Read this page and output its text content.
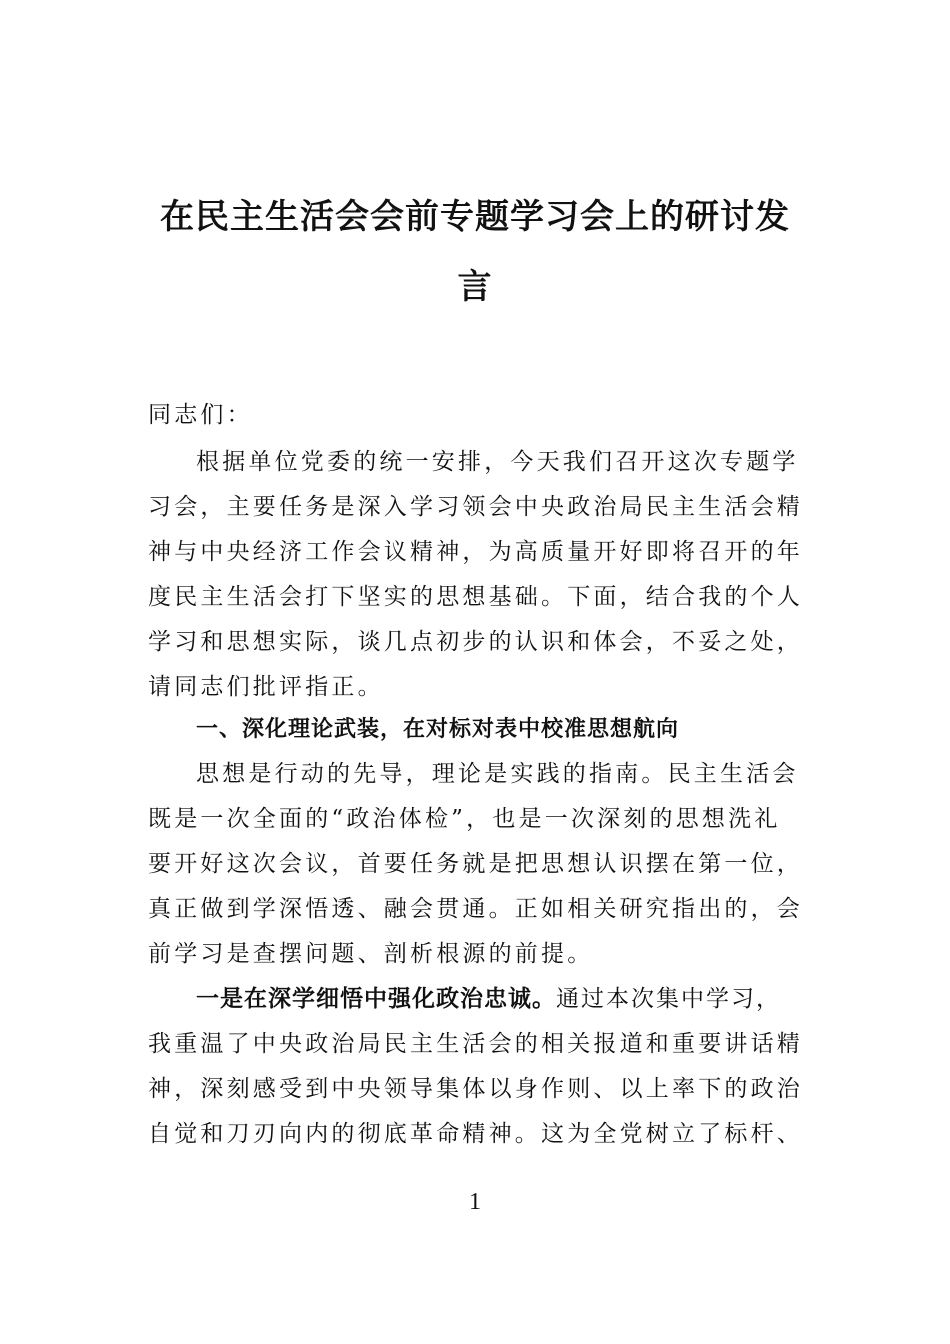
在民主生活会会前专题学习会上的研讨发
言
同志们：
根据单位党委的统一安排，今天我们召开这次专题学
习会，主要任务是深入学习领会中央政治局民主生活会精
神与中央经济工作会议精神，为高质量开好即将召开的年
度民主生活会打下坚实的思想基础。下面，结合我的个人
学习和思想实际，谈几点初步的认识和体会，不妥之处，
请同志们批评指正。
一、深化理论武装，在对标对表中校准思想航向
思想是行动的先导，理论是实践的指南。民主生活会
既是一次全面的“政治体检”，也是一次深刻的思想洗礼
要开好这次会议，首要任务就是把思想认识摆在第一位，
真正做到学深悟透、融会贯通。正如相关研究指出的，会
前学习是查摆问题、剖析根源的前提。
一是在深学细悟中强化政治忠诚。通过本次集中学习，
我重温了中央政治局民主生活会的相关报道和重要讲话精
神，深刻感受到中央领导集体以身作则、以上率下的政治
自觉和刀刃向内的彻底革命精神。这为全党树立了标杆、
1
